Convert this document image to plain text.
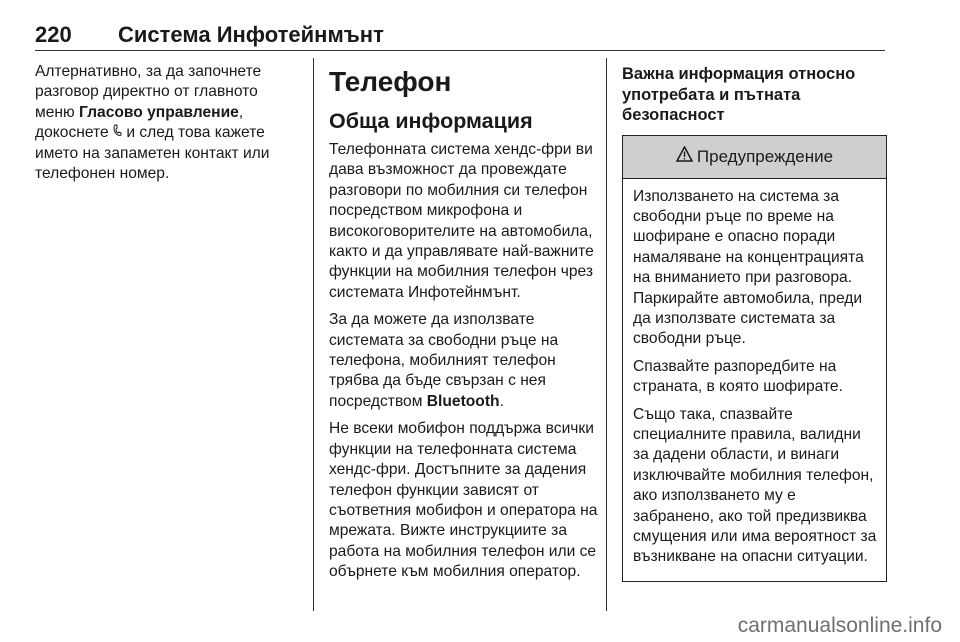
220 Система Инфотейнмънт

Алтернативно, за да започнете разговор директно от главното меню Гласово управление, докоснете  и след това кажете името на запаметен контакт или телефонен номер.

Телефон
Обща информация

Телефонната система хендс-фри ви дава възможност да провеждате разговори по мобилния си телефон посредством микрофона и високоговорителите на автомобила, както и да управлявате най-важните функции на мобилния телефон чрез системата Инфотейнмънт.

За да можете да използвате системата за свободни ръце на телефона, мобилният телефон трябва да бъде свързан с нея посредством Bluetooth.

Не всеки мобифон поддържа всички функции на телефонната система хендс-фри. Достъпните за дадения телефон функции зависят от съответния мобифон и оператора на мрежата. Вижте инструкциите за работа на мобилния телефон или се обърнете към мобилния оператор.

Важна информация относно употребата и пътната безопасност
Предупреждение

Използването на система за свободни ръце по време на шофиране е опасно поради намаляване на концентрацията на вниманието при разговора. Паркирайте автомобила, преди да използвате системата за свободни ръце.

Спазвайте разпоредбите на страната, в която шофирате.

Също така, спазвайте специалните правила, валидни за дадени области, и винаги изключвайте мобилния телефон, ако използването му е забранено, ако той предизвиква смущения или има вероятност за възникване на опасни ситуации.

carmanualsonline.info
